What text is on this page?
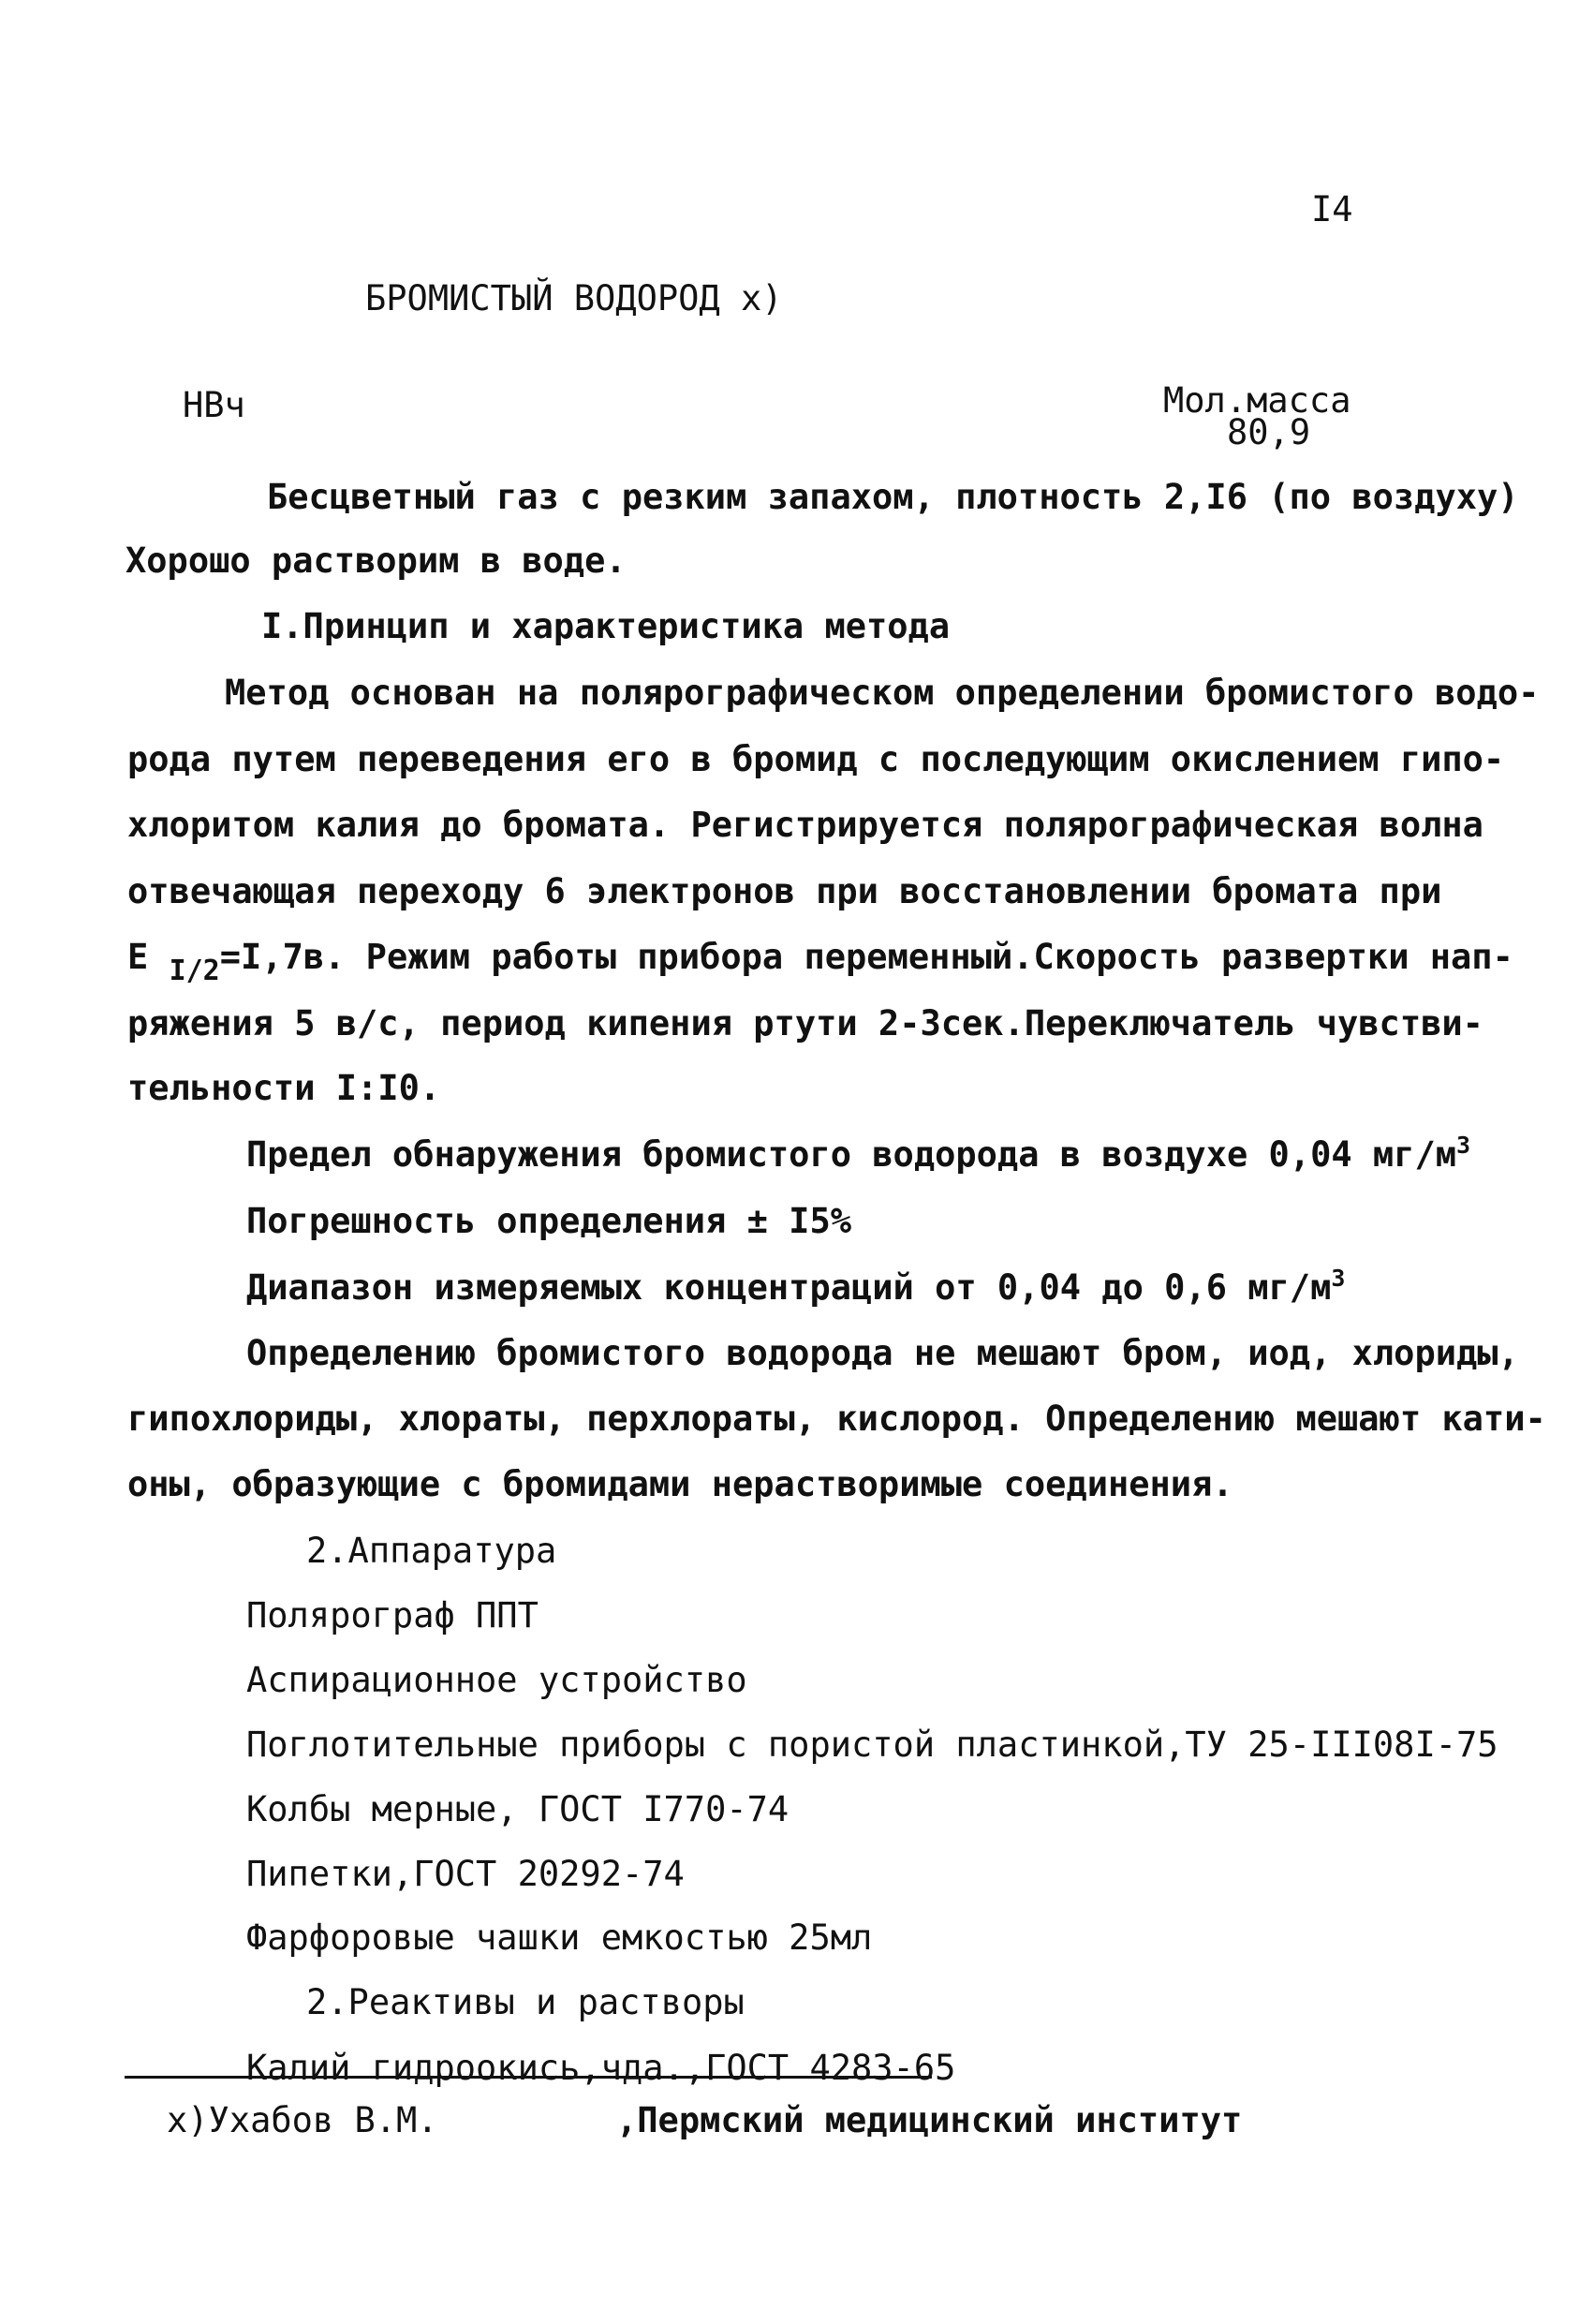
I4
БРОМИСТЫЙ ВОДОРОД х)
НВч	Мол.масса
80,9
Бесцветный газ с резким запахом, плотность 2,I6 (по воздуху)
Хорошо растворим в воде.
I.Принцип и характеристика метода
Метод основан на полярографическом определении бромистого водо-
рода путем переведения его в бромид с последующим окислением гипо-
хлоритом калия до бромата. Регистрируется полярографическая волна
отвечающая переходу 6 электронов при восстановлении бромата при
Е $_{I/2}$=I,7в. Режим работы прибора переменный.Скорость развертки нап-
ряжения 5 в/с, период кипения ртути 2-3сек.Переключатель чувстви-
тельности I:I0.
Предел обнаружения бромистого водорода в воздухе 0,04 $мг/м^3$
Погрешность определения ± I5%
Диапазон измеряемых концентраций от 0,04 до 0,6 $мг/м^3$
Определению бромистого водорода не мешают бром, иод, хлориды,
гипохлориды, хлораты, перхлораты, кислород. Определению мешают кати-
оны, образующие с бромидами нерастворимые соединения.
2.Аппаратура
Полярограф ППТ
Аспирационное устройство
Поглотительные приборы с пористой пластинкой,ТУ 25-III08I-75
Колбы мерные, ГОСТ I770-74
Пипетки,ГОСТ 20292-74
Фарфоровые чашки емкостью 25мл
2.Реактивы и растворы
Калий гидроокись,чда.,ГОСТ 4283-65
х)Ухабов В.М.	,Пермский медицинский институт
